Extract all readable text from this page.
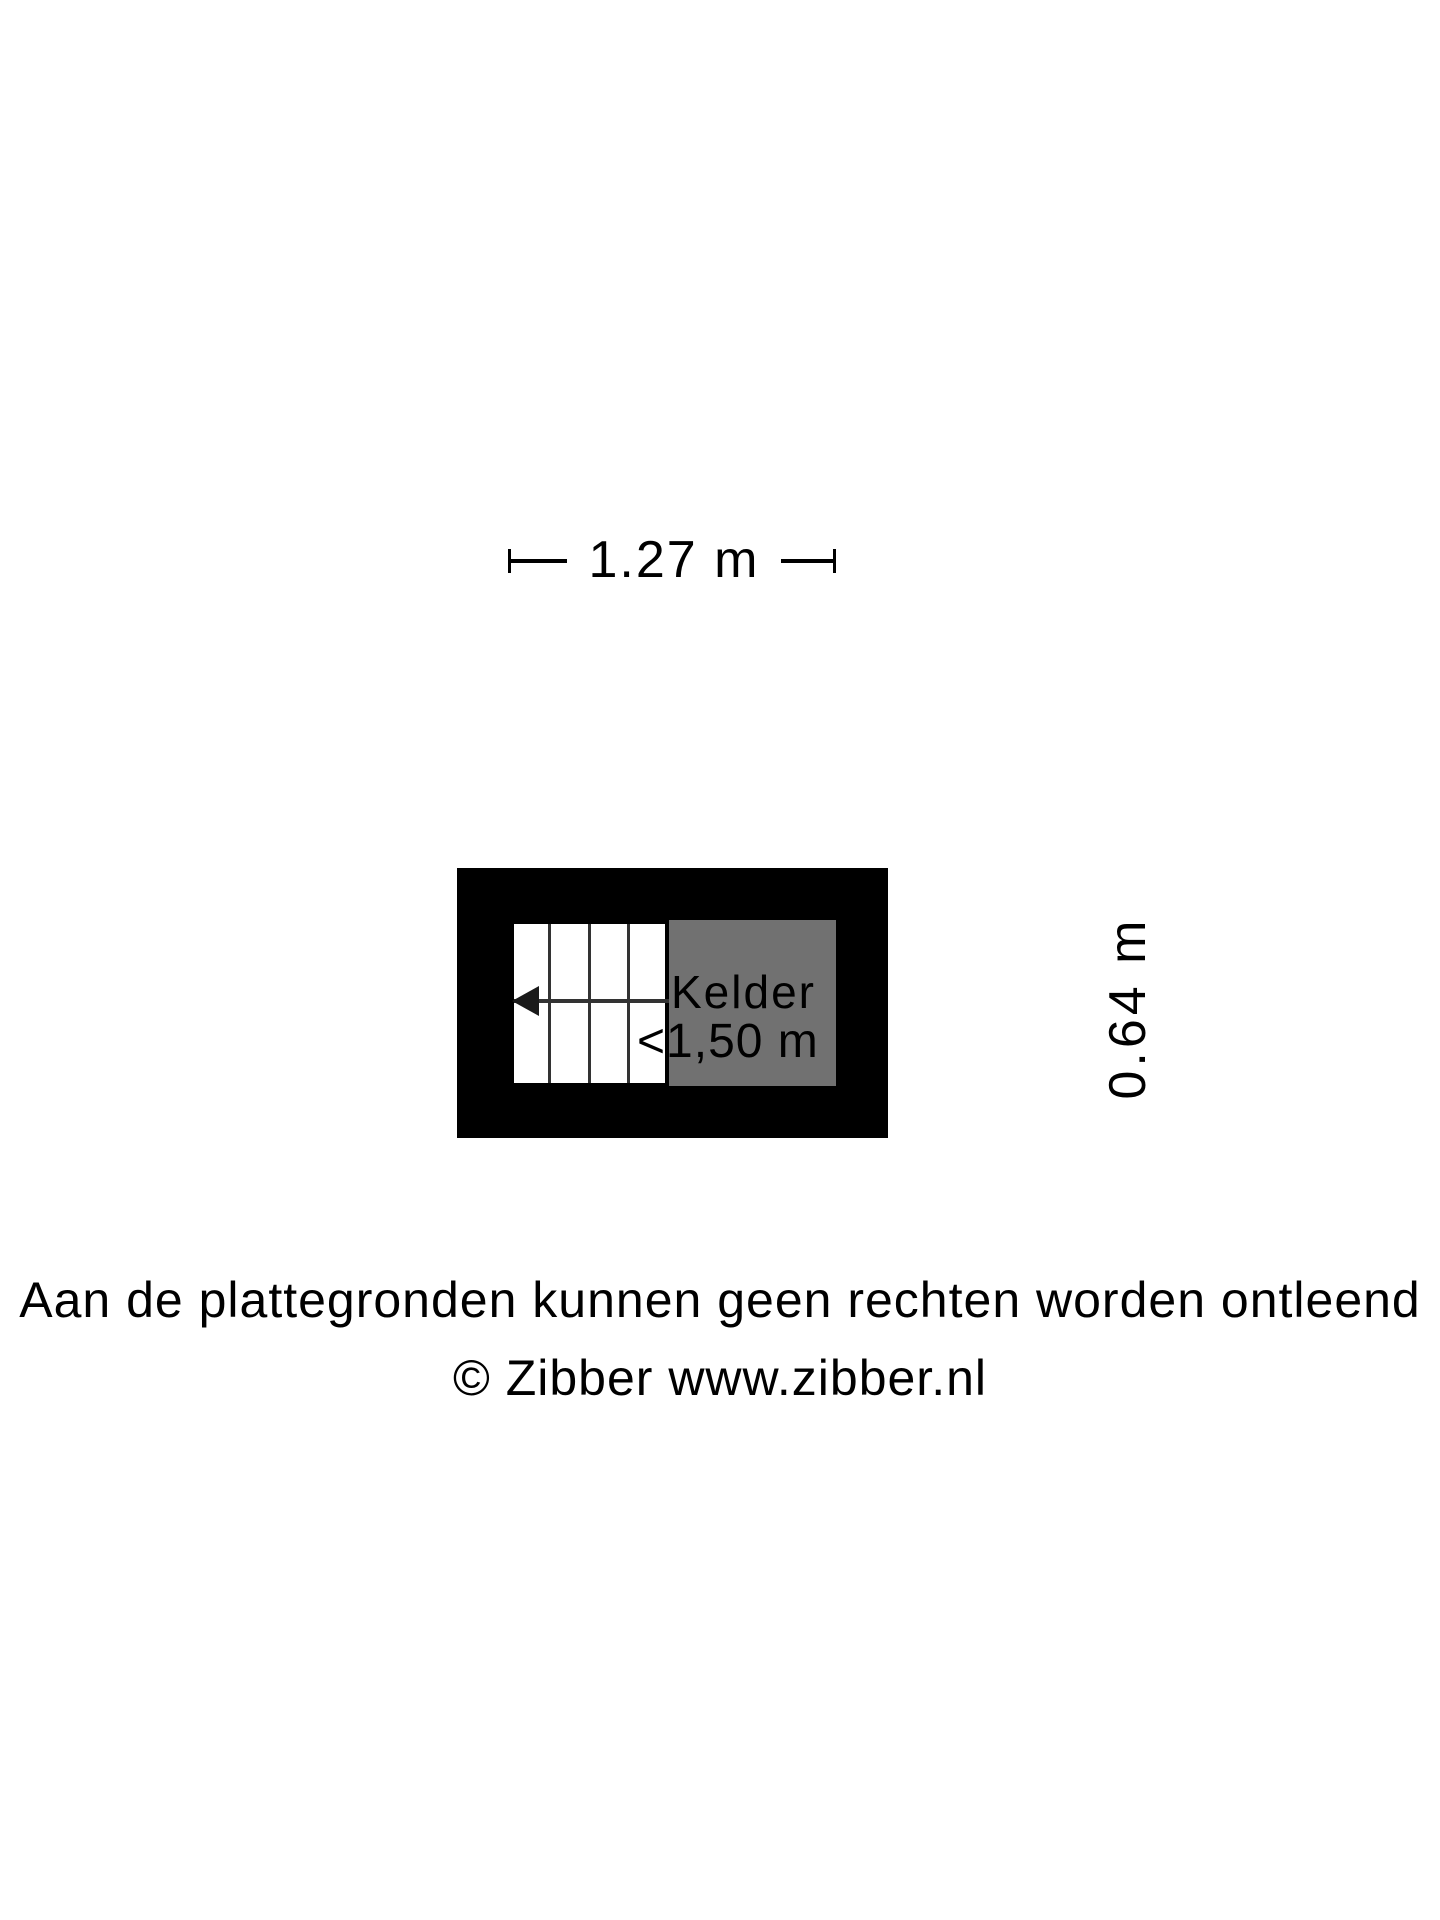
1.27 m
Kelder
<1,50 m	0.64 m
Aan de plattegronden kunnen geen rechten worden ontleend
© Zibber www.zibber.nl
